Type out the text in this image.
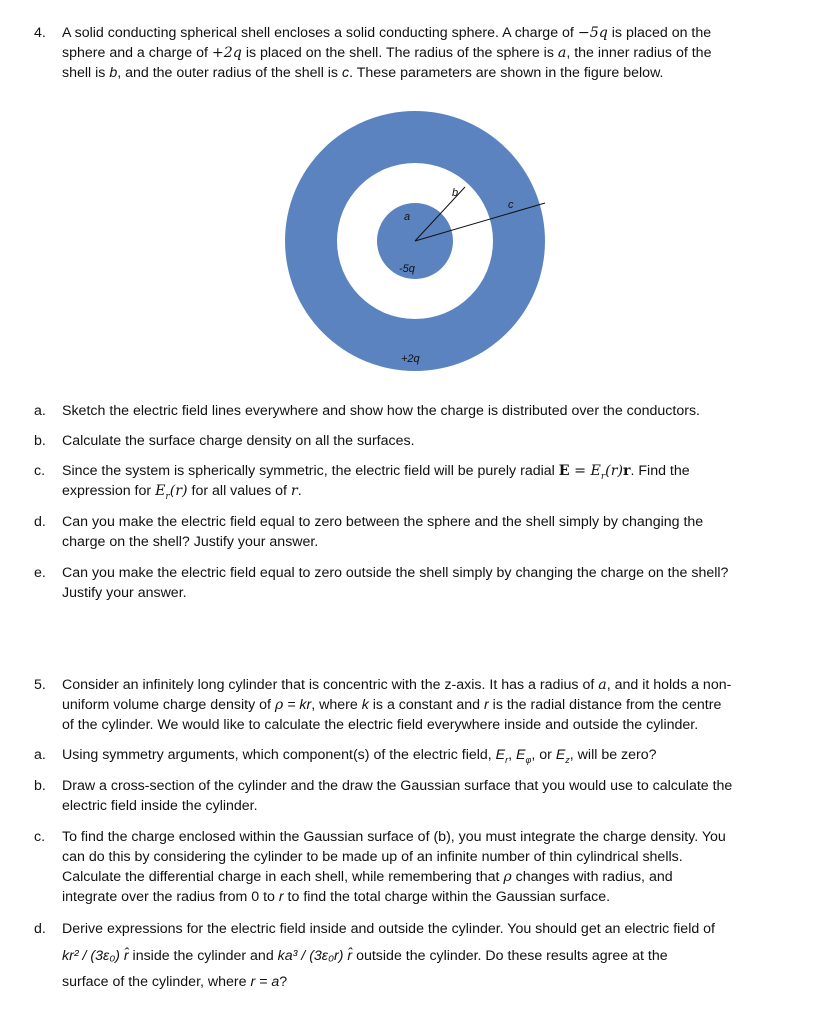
4. A solid conducting spherical shell encloses a solid conducting sphere. A charge of −5q is placed on the
sphere and a charge of +2q is placed on the shell. The radius of the sphere is a, the inner radius of the
shell is b, and the outer radius of the shell is c. These parameters are shown in the figure below.
a
b
c
-5q
+2q
a. Sketch the electric field lines everywhere and show how the charge is distributed over the conductors.
b. Calculate the surface charge density on all the surfaces.
c. Since the system is spherically symmetric, the electric field will be purely radial $E = E_r(r)r$. Find the
expression for $E_r(r)$ for all values of r.
d. Can you make the electric field equal to zero between the sphere and the shell simply by changing the
charge on the shell? Justify your answer.
e. Can you make the electric field equal to zero outside the shell simply by changing the charge on the shell?
Justify your answer.
5. Consider an infinitely long cylinder that is concentric with the z-axis. It has a radius of a, and it holds a non-
uniform volume charge density of ρ = kr, where k is a constant and r is the radial distance from the centre
of the cylinder. We would like to calculate the electric field everywhere inside and outside the cylinder.
a. Using symmetry arguments, which component(s) of the electric field, $E_r$, $E_\varphi$, or $E_z$, will be zero?
b. Draw a cross-section of the cylinder and the draw the Gaussian surface that you would use to calculate the
electric field inside the cylinder.
c. To find the charge enclosed within the Gaussian surface of (b), you must integrate the charge density. You
can do this by considering the cylinder to be made up of an infinite number of thin cylindrical shells.
Calculate the differential charge in each shell, while remembering that ρ changes with radius, and
integrate over the radius from 0 to r to find the total charge within the Gaussian surface.
d. Derive expressions for the electric field inside and outside the cylinder. You should get an electric field of
kr² / (3ε₀) r̂ inside the cylinder and ka³ / (3ε₀r) r̂ outside the cylinder. Do these results agree at the
surface of the cylinder, where r = a?
